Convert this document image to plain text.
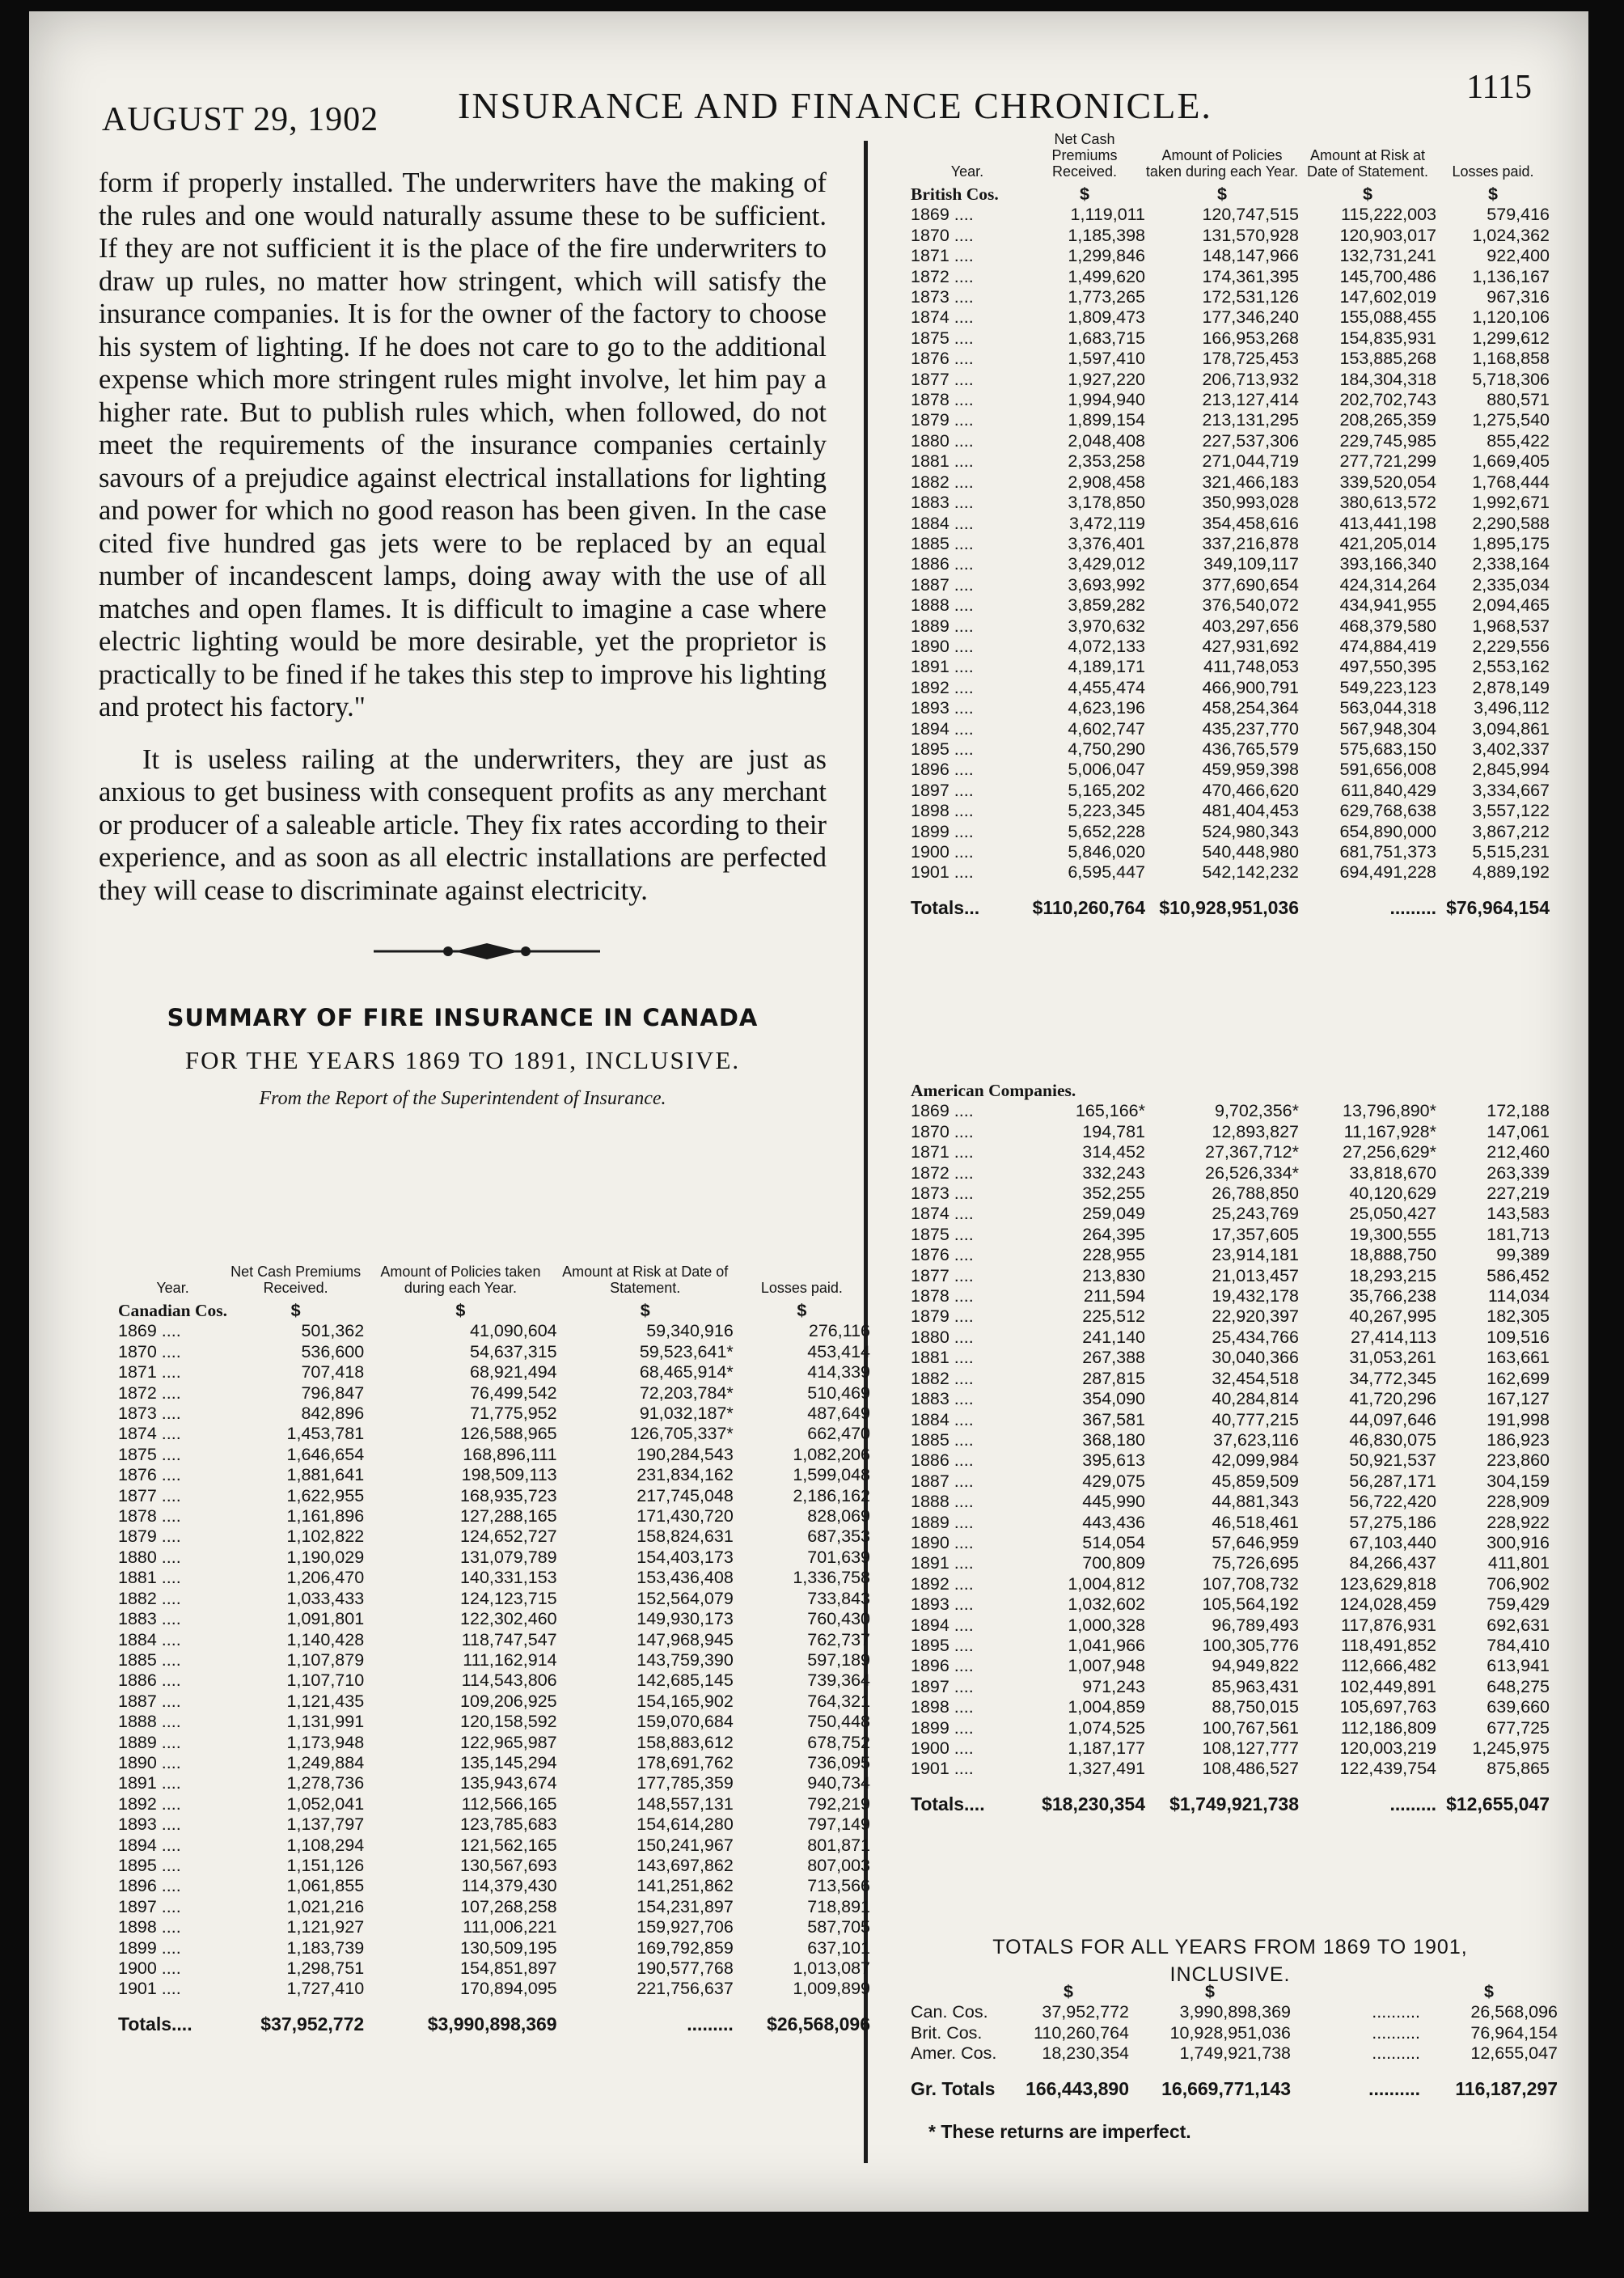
AUGUST 29, 1902 INSURANCE AND FINANCE CHRONICLE.	1115

form if properly installed. The underwriters have the making of the rules and one would naturally assume these to be sufficient. If they are not sufficient it is the place of the fire underwriters to draw up rules, no matter how stringent, which will satisfy the insurance companies. It is for the owner of the factory to choose his system of lighting. If he does not care to go to the additional expense which more stringent rules might involve, let him pay a higher rate. But to publish rules which, when followed, do not meet the requirements of the insurance companies certainly savours of a prejudice against electrical installations for lighting and power for which no good reason has been given. In the case cited five hundred gas jets were to be replaced by an equal number of incandescent lamps, doing away with the use of all matches and open flames. It is difficult to imagine a case where electric lighting would be more desirable, yet the proprietor is practically to be fined if he takes this step to improve his lighting and protect his factory."

It is useless railing at the underwriters, they are just as anxious to get business with consequent profits as any merchant or producer of a saleable article. They fix rates according to their experience, and as soon as all electric installations are perfected they will cease to discriminate against electricity.

SUMMARY OF FIRE INSURANCE IN CANADA
FOR THE YEARS 1869 TO 1891, INCLUSIVE.
From the Report of the Superintendent of Insurance.
Year.	Net Cash Premiums Received.	Amount of Policies taken during each Year.	Amount at Risk at Date of Statement.	Losses paid.
Canadian Cos.	$	$	$	$
1869 ....	501,362	41,090,604	59,340,916	276,116
1870 ....	536,600	54,637,315	59,523,641*	453,414
1871 ....	707,418	68,921,494	68,465,914*	414,339
1872 ....	796,847	76,499,542	72,203,784*	510,469
1873 ....	842,896	71,775,952	91,032,187*	487,649
1874 ....	1,453,781	126,588,965	126,705,337*	662,470
1875 ....	1,646,654	168,896,111	190,284,543	1,082,206
1876 ....	1,881,641	198,509,113	231,834,162	1,599,048
1877 ....	1,622,955	168,935,723	217,745,048	2,186,162
1878 ....	1,161,896	127,288,165	171,430,720	828,069
1879 ....	1,102,822	124,652,727	158,824,631	687,353
1880 ....	1,190,029	131,079,789	154,403,173	701,639
1881 ....	1,206,470	140,331,153	153,436,408	1,336,758
1882 ....	1,033,433	124,123,715	152,564,079	733,843
1883 ....	1,091,801	122,302,460	149,930,173	760,430
1884 ....	1,140,428	118,747,547	147,968,945	762,737
1885 ....	1,107,879	111,162,914	143,759,390	597,189
1886 ....	1,107,710	114,543,806	142,685,145	739,364
1887 ....	1,121,435	109,206,925	154,165,902	764,321
1888 ....	1,131,991	120,158,592	159,070,684	750,448
1889 ....	1,173,948	122,965,987	158,883,612	678,752
1890 ....	1,249,884	135,145,294	178,691,762	736,095
1891 ....	1,278,736	135,943,674	177,785,359	940,734
1892 ....	1,052,041	112,566,165	148,557,131	792,219
1893 ....	1,137,797	123,785,683	154,614,280	797,149
1894 ....	1,108,294	121,562,165	150,241,967	801,871
1895 ....	1,151,126	130,567,693	143,697,862	807,003
1896 ....	1,061,855	114,379,430	141,251,862	713,566
1897 ....	1,021,216	107,268,258	154,231,897	718,891
1898 ....	1,121,927	111,006,221	159,927,706	587,705
1899 ....	1,183,739	130,509,195	169,792,859	637,101
1900 ....	1,298,751	154,851,897	190,577,768	1,013,087
1901 ....	1,727,410	170,894,095	221,756,637	1,009,899
Totals....	$37,952,772	$3,990,898,369	.........	$26,568,096
Year.	Net Cash Premiums Received.	Amount of Policies taken during each Year.	Amount at Risk at Date of Statement.	Losses paid.
British Cos.	$	$	$	$
1869 ....	1,119,011	120,747,515	115,222,003	579,416
1870 ....	1,185,398	131,570,928	120,903,017	1,024,362
1871 ....	1,299,846	148,147,966	132,731,241	922,400
1872 ....	1,499,620	174,361,395	145,700,486	1,136,167
1873 ....	1,773,265	172,531,126	147,602,019	967,316
1874 ....	1,809,473	177,346,240	155,088,455	1,120,106
1875 ....	1,683,715	166,953,268	154,835,931	1,299,612
1876 ....	1,597,410	178,725,453	153,885,268	1,168,858
1877 ....	1,927,220	206,713,932	184,304,318	5,718,306
1878 ....	1,994,940	213,127,414	202,702,743	880,571
1879 ....	1,899,154	213,131,295	208,265,359	1,275,540
1880 ....	2,048,408	227,537,306	229,745,985	855,422
1881 ....	2,353,258	271,044,719	277,721,299	1,669,405
1882 ....	2,908,458	321,466,183	339,520,054	1,768,444
1883 ....	3,178,850	350,993,028	380,613,572	1,992,671
1884 ....	3,472,119	354,458,616	413,441,198	2,290,588
1885 ....	3,376,401	337,216,878	421,205,014	1,895,175
1886 ....	3,429,012	349,109,117	393,166,340	2,338,164
1887 ....	3,693,992	377,690,654	424,314,264	2,335,034
1888 ....	3,859,282	376,540,072	434,941,955	2,094,465
1889 ....	3,970,632	403,297,656	468,379,580	1,968,537
1890 ....	4,072,133	427,931,692	474,884,419	2,229,556
1891 ....	4,189,171	411,748,053	497,550,395	2,553,162
1892 ....	4,455,474	466,900,791	549,223,123	2,878,149
1893 ....	4,623,196	458,254,364	563,044,318	3,496,112
1894 ....	4,602,747	435,237,770	567,948,304	3,094,861
1895 ....	4,750,290	436,765,579	575,683,150	3,402,337
1896 ....	5,006,047	459,959,398	591,656,008	2,845,994
1897 ....	5,165,202	470,466,620	611,840,429	3,334,667
1898 ....	5,223,345	481,404,453	629,768,638	3,557,122
1899 ....	5,652,228	524,980,343	654,890,000	3,867,212
1900 ....	5,846,020	540,448,980	681,751,373	5,515,231
1901 ....	6,595,447	542,142,232	694,491,228	4,889,192
Totals...	$110,260,764	$10,928,951,036	.........	$76,964,154
American Companies.				
1869 ....	165,166*	9,702,356*	13,796,890*	172,188
1870 ....	194,781	12,893,827	11,167,928*	147,061
1871 ....	314,452	27,367,712*	27,256,629*	212,460
1872 ....	332,243	26,526,334*	33,818,670	263,339
1873 ....	352,255	26,788,850	40,120,629	227,219
1874 ....	259,049	25,243,769	25,050,427	143,583
1875 ....	264,395	17,357,605	19,300,555	181,713
1876 ....	228,955	23,914,181	18,888,750	99,389
1877 ....	213,830	21,013,457	18,293,215	586,452
1878 ....	211,594	19,432,178	35,766,238	114,034
1879 ....	225,512	22,920,397	40,267,995	182,305
1880 ....	241,140	25,434,766	27,414,113	109,516
1881 ....	267,388	30,040,366	31,053,261	163,661
1882 ....	287,815	32,454,518	34,772,345	162,699
1883 ....	354,090	40,284,814	41,720,296	167,127
1884 ....	367,581	40,777,215	44,097,646	191,998
1885 ....	368,180	37,623,116	46,830,075	186,923
1886 ....	395,613	42,099,984	50,921,537	223,860
1887 ....	429,075	45,859,509	56,287,171	304,159
1888 ....	445,990	44,881,343	56,722,420	228,909
1889 ....	443,436	46,518,461	57,275,186	228,922
1890 ....	514,054	57,646,959	67,103,440	300,916
1891 ....	700,809	75,726,695	84,266,437	411,801
1892 ....	1,004,812	107,708,732	123,629,818	706,902
1893 ....	1,032,602	105,564,192	124,028,459	759,429
1894 ....	1,000,328	96,789,493	117,876,931	692,631
1895 ....	1,041,966	100,305,776	118,491,852	784,410
1896 ....	1,007,948	94,949,822	112,666,482	613,941
1897 ....	971,243	85,963,431	102,449,891	648,275
1898 ....	1,004,859	88,750,015	105,697,763	639,660
1899 ....	1,074,525	100,767,561	112,186,809	677,725
1900 ....	1,187,177	108,127,777	120,003,219	1,245,975
1901 ....	1,327,491	108,486,527	122,439,754	875,865
Totals....	$18,230,354	$1,749,921,738	.........	$12,655,047
TOTALS FOR ALL YEARS FROM 1869 TO 1901,
INCLUSIVE.
	$	$		$
Can. Cos.	37,952,772	3,990,898,369	..........	26,568,096
Brit. Cos.	110,260,764	10,928,951,036	..........	76,964,154
Amer. Cos.	18,230,354	1,749,921,738	..........	12,655,047
Gr. Totals	166,443,890	16,669,771,143	..........	116,187,297
* These returns are imperfect.
